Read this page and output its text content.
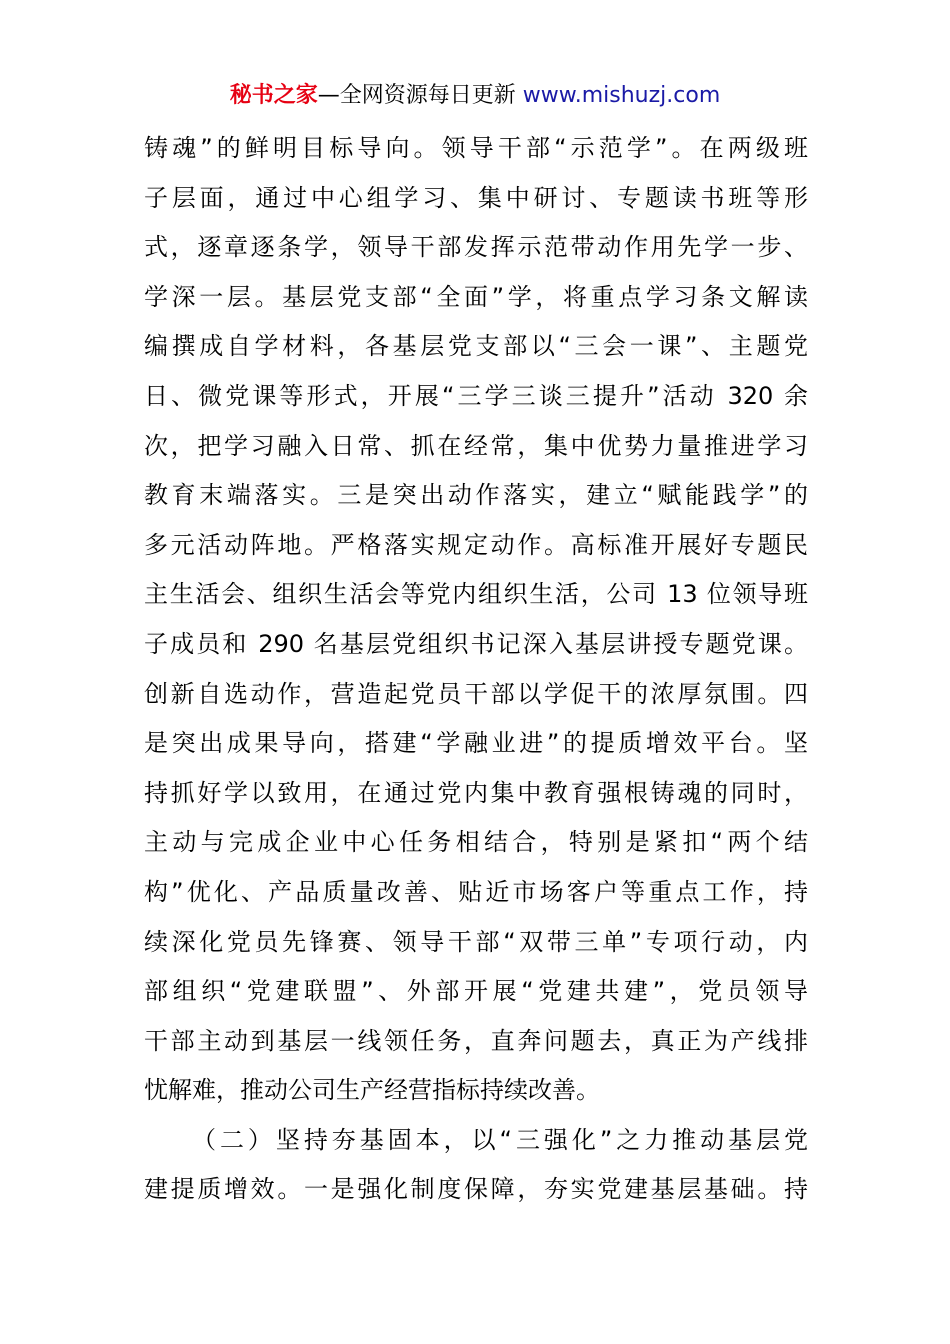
秘书之家—全网资源每日更新 www.mishuzj.com
铸魂”的鲜明目标导向。领导干部“示范学”。在两级班
子层面，通过中心组学习、集中研讨、专题读书班等形
式，逐章逐条学，领导干部发挥示范带动作用先学一步、
学深一层。基层党支部“全面”学，将重点学习条文解读
编撰成自学材料，各基层党支部以“三会一课”、主题党
日、微党课等形式，开展“三学三谈三提升”活动 320 余
次，把学习融入日常、抓在经常，集中优势力量推进学习
教育末端落实。三是突出动作落实，建立“赋能践学”的
多元活动阵地。严格落实规定动作。高标准开展好专题民
主生活会、组织生活会等党内组织生活，公司 13 位领导班
子成员和 290 名基层党组织书记深入基层讲授专题党课。
创新自选动作，营造起党员干部以学促干的浓厚氛围。四
是突出成果导向，搭建“学融业进”的提质增效平台。坚
持抓好学以致用，在通过党内集中教育强根铸魂的同时，
主动与完成企业中心任务相结合，特别是紧扣“两个结
构”优化、产品质量改善、贴近市场客户等重点工作，持
续深化党员先锋赛、领导干部“双带三单”专项行动，内
部组织“党建联盟”、外部开展“党建共建”，党员领导
干部主动到基层一线领任务，直奔问题去，真正为产线排
忧解难，推动公司生产经营指标持续改善。
（二）坚持夯基固本，以“三强化”之力推动基层党
建提质增效。一是强化制度保障，夯实党建基层基础。持
